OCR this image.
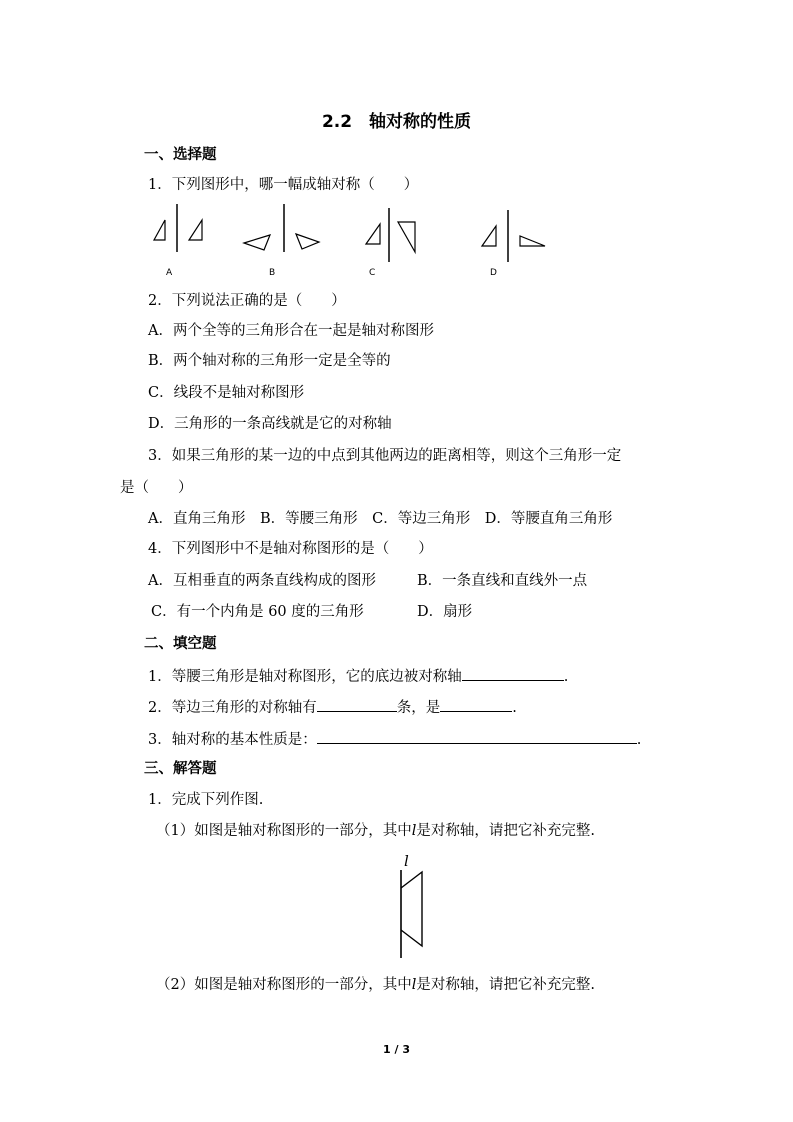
2.2　轴对称的性质
一、选择题
1．下列图形中，哪一幅成轴对称（　　）
A	B	C	D
2．下列说法正确的是（　　）
A．两个全等的三角形合在一起是轴对称图形
B．两个轴对称的三角形一定是全等的
C．线段不是轴对称图形
D．三角形的一条高线就是它的对称轴
3．如果三角形的某一边的中点到其他两边的距离相等，则这个三角形一定
是（　　）
A．直角三角形　B．等腰三角形　C．等边三角形　D．等腰直角三角形
4．下列图形中不是轴对称图形的是（　　）
A．互相垂直的两条直线构成的图形	B．一条直线和直线外一点
C．有一个内角是 60 度的三角形	D．扇形
二、填空题
1．等腰三角形是轴对称图形，它的底边被对称轴	.
2．等边三角形的对称轴有	条，是	.
3．轴对称的基本性质是：	.
三、解答题
1．完成下列作图.
（1）如图是轴对称图形的一部分，其中l是对称轴，请把它补充完整.
l
（2）如图是轴对称图形的一部分，其中l是对称轴，请把它补充完整.
1 / 3
